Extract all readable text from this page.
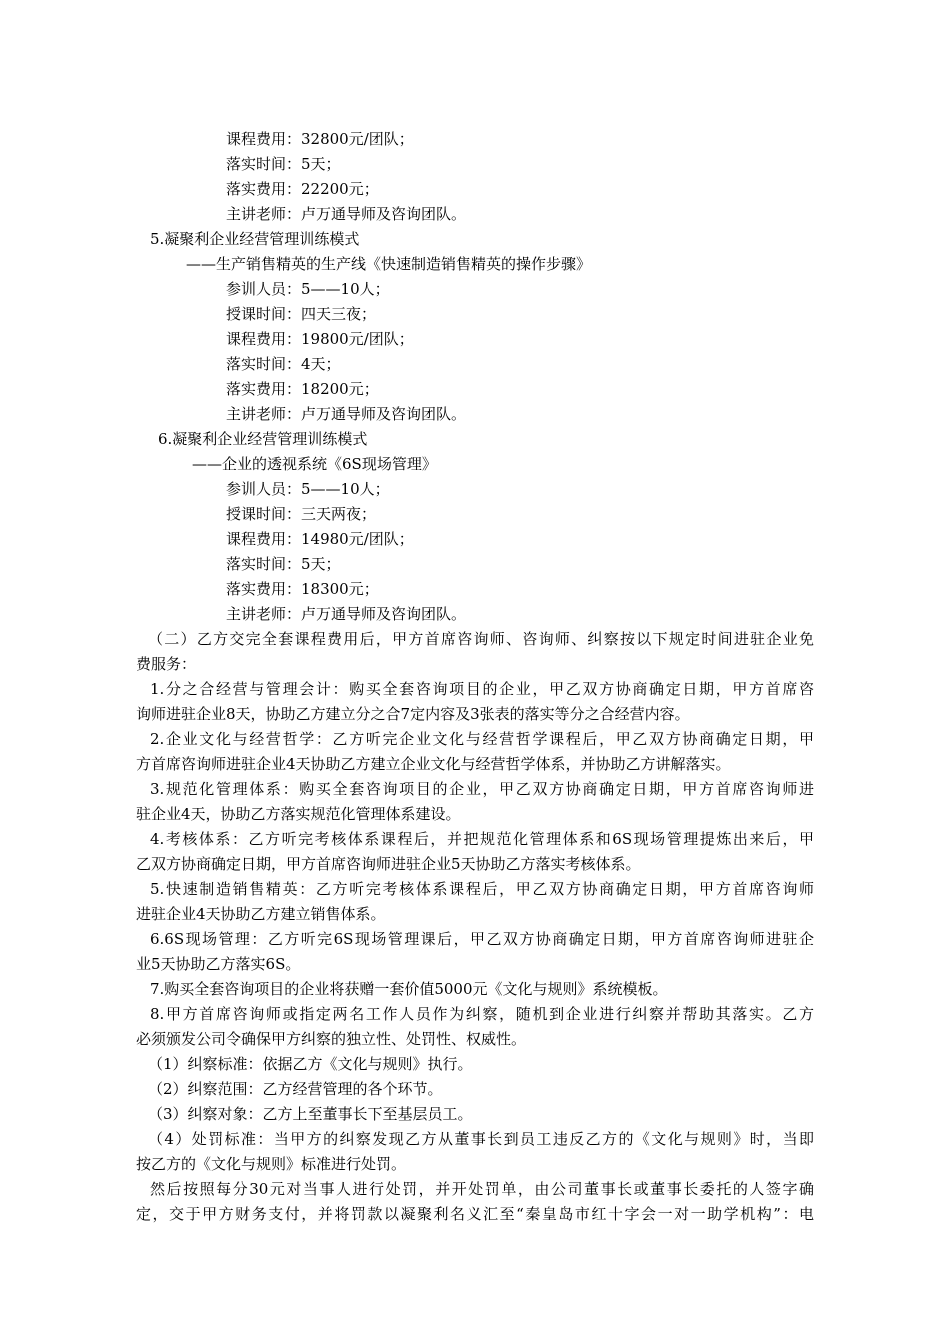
课程费用：32800元/团队；
落实时间：5天；
落实费用：22200元；
主讲老师：卢万通导师及咨询团队。
5.凝聚利企业经营管理训练模式
——生产销售精英的生产线《快速制造销售精英的操作步骤》
参训人员：5——10人；
授课时间：四天三夜；
课程费用：19800元/团队；
落实时间：4天；
落实费用：18200元；
主讲老师：卢万通导师及咨询团队。
6.凝聚利企业经营管理训练模式
——企业的透视系统《6S现场管理》
参训人员：5——10人；
授课时间：三天两夜；
课程费用：14980元/团队；
落实时间：5天；
落实费用：18300元；
主讲老师：卢万通导师及咨询团队。
（二）乙方交完全套课程费用后，甲方首席咨询师、咨询师、纠察按以下规定时间进驻企业免
费服务：
1.分之合经营与管理会计：购买全套咨询项目的企业，甲乙双方协商确定日期，甲方首席咨
询师进驻企业8天，协助乙方建立分之合7定内容及3张表的落实等分之合经营内容。
2.企业文化与经营哲学：乙方听完企业文化与经营哲学课程后，甲乙双方协商确定日期，甲
方首席咨询师进驻企业4天协助乙方建立企业文化与经营哲学体系，并协助乙方讲解落实。
3.规范化管理体系：购买全套咨询项目的企业，甲乙双方协商确定日期，甲方首席咨询师进
驻企业4天，协助乙方落实规范化管理体系建设。
4.考核体系：乙方听完考核体系课程后，并把规范化管理体系和6S现场管理提炼出来后，甲
乙双方协商确定日期，甲方首席咨询师进驻企业5天协助乙方落实考核体系。
5.快速制造销售精英：乙方听完考核体系课程后，甲乙双方协商确定日期，甲方首席咨询师
进驻企业4天协助乙方建立销售体系。
6.6S现场管理：乙方听完6S现场管理课后，甲乙双方协商确定日期，甲方首席咨询师进驻企
业5天协助乙方落实6S。
7.购买全套咨询项目的企业将获赠一套价值5000元《文化与规则》系统模板。
8.甲方首席咨询师或指定两名工作人员作为纠察，随机到企业进行纠察并帮助其落实。乙方
必须颁发公司令确保甲方纠察的独立性、处罚性、权威性。
（1）纠察标准：依据乙方《文化与规则》执行。
（2）纠察范围：乙方经营管理的各个环节。
（3）纠察对象：乙方上至董事长下至基层员工。
（4）处罚标准：当甲方的纠察发现乙方从董事长到员工违反乙方的《文化与规则》时，当即
按乙方的《文化与规则》标准进行处罚。
然后按照每分30元对当事人进行处罚，并开处罚单，由公司董事长或董事长委托的人签字确
定，交于甲方财务支付，并将罚款以凝聚利名义汇至“秦皇岛市红十字会一对一助学机构”：电
